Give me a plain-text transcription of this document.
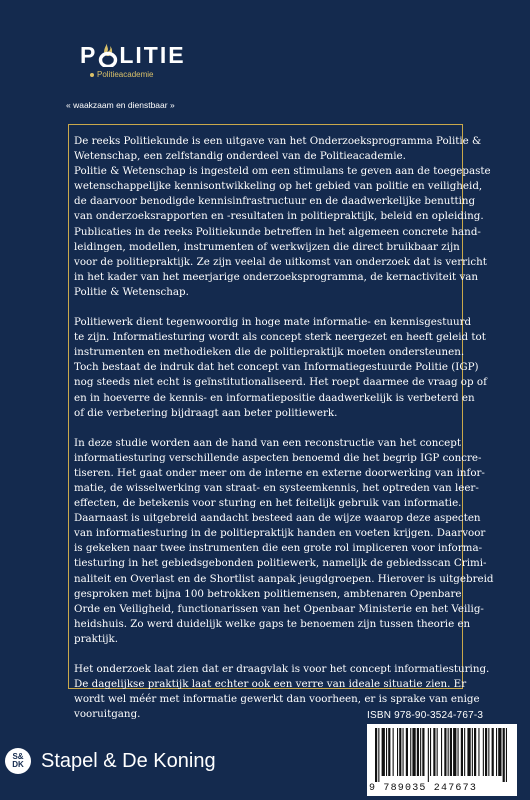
P LITIE
Politieacademie
« waakzaam en dienstbaar »

De reeks Politiekunde is een uitgave van het Onderzoeksprogramma Politie &
Wetenschap, een zelfstandig onderdeel van de Politieacademie.
Politie & Wetenschap is ingesteld om een stimulans te geven aan de toegepaste
wetenschappelijke kennisontwikkeling op het gebied van politie en veiligheid,
de daarvoor benodigde kennisinfrastructuur en de daadwerkelijke benutting
van onderzoeksrapporten en -resultaten in politiepraktijk, beleid en opleiding.
Publicaties in de reeks Politiekunde betreffen in het algemeen concrete hand-
leidingen, modellen, instrumenten of werkwijzen die direct bruikbaar zijn
voor de politiepraktijk. Ze zijn veelal de uitkomst van onderzoek dat is verricht
in het kader van het meerjarige onderzoeksprogramma, de kernactiviteit van
Politie & Wetenschap.

Politiewerk dient tegenwoordig in hoge mate informatie- en kennisgestuurd
te zijn. Informatiesturing wordt als concept sterk neergezet en heeft geleid tot
instrumenten en methodieken die de politiepraktijk moeten ondersteunen.
Toch bestaat de indruk dat het concept van Informatiegestuurde Politie (IGP)
nog steeds niet echt is geïnstitutionaliseerd. Het roept daarmee de vraag op of
en in hoeverre de kennis- en informatiepositie daadwerkelijk is verbeterd en
of die verbetering bijdraagt aan beter politiewerk.

In deze studie worden aan de hand van een reconstructie van het concept
informatiesturing verschillende aspecten benoemd die het begrip IGP concre-
tiseren. Het gaat onder meer om de interne en externe doorwerking van infor-
matie, de wisselwerking van straat- en systeemkennis, het optreden van leer-
effecten, de betekenis voor sturing en het feitelijk gebruik van informatie.
Daarnaast is uitgebreid aandacht besteed aan de wijze waarop deze aspecten
van informatiesturing in de politiepraktijk handen en voeten krijgen. Daarvoor
is gekeken naar twee instrumenten die een grote rol impliceren voor informa-
tiesturing in het gebiedsgebonden politiewerk, namelijk de gebiedsscan Crimi-
naliteit en Overlast en de Shortlist aanpak jeugdgroepen. Hierover is uitgebreid
gesproken met bijna 100 betrokken politiemensen, ambtenaren Openbare
Orde en Veiligheid, functionarissen van het Openbaar Ministerie en het Veilig-
heidshuis. Zo werd duidelijk welke gaps te benoemen zijn tussen theorie en
praktijk.

Het onderzoek laat zien dat er draagvlak is voor het concept informatiesturing.
De dagelijkse praktijk laat echter ook een verre van ideale situatie zien. Er
wordt wel méér met informatie gewerkt dan voorheen, er is sprake van enige
vooruitgang.	ISBN 978-90-3524-767-3
9 789035 247673
S&
DK Stapel & De Koning
